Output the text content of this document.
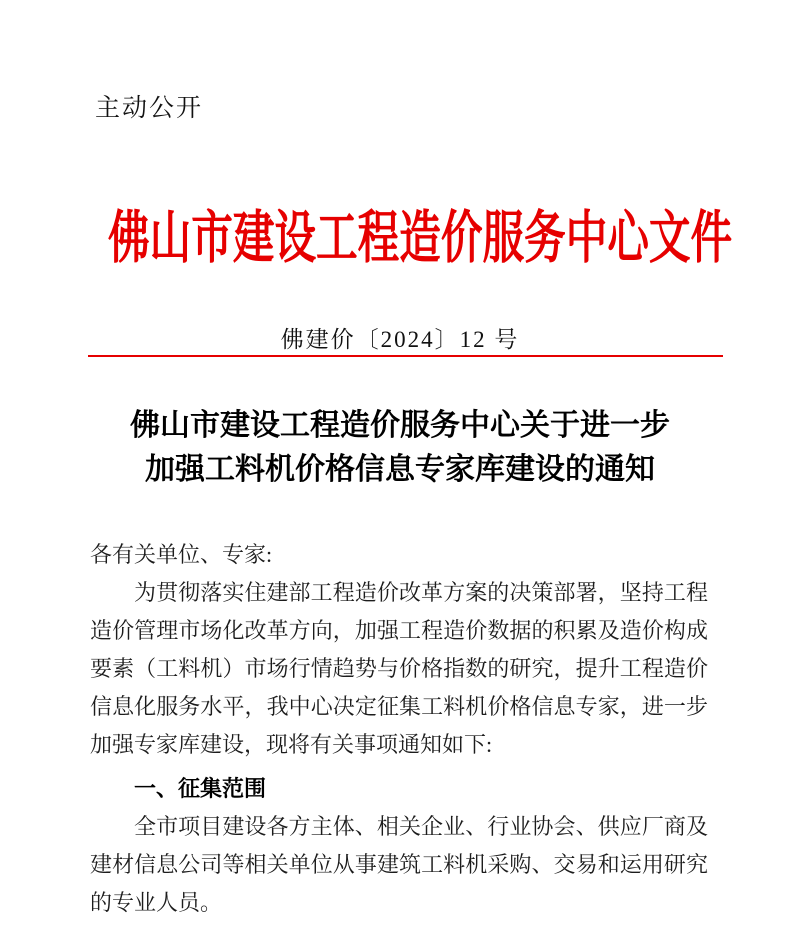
主动公开
佛山市建设工程造价服务中心文件
佛建价〔2024〕12 号
佛山市建设工程造价服务中心关于进一步
加强工料机价格信息专家库建设的通知

各有关单位、专家:

为贯彻落实住建部工程造价改革方案的决策部署，坚持工程造价管理市场化改革方向，加强工程造价数据的积累及造价构成要素（工料机）市场行情趋势与价格指数的研究，提升工程造价信息化服务水平，我中心决定征集工料机价格信息专家，进一步加强专家库建设，现将有关事项通知如下:

一、征集范围

全市项目建设各方主体、相关企业、行业协会、供应厂商及建材信息公司等相关单位从事建筑工料机采购、交易和运用研究的专业人员。
